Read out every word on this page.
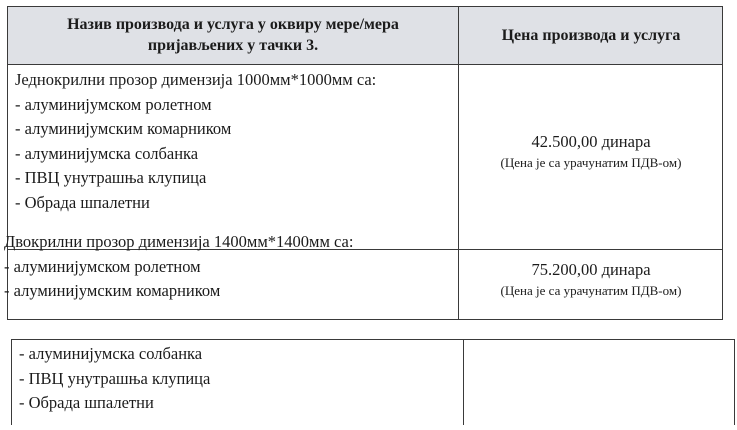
Назив производа и услуга у оквиру мере/мера пријављених у тачки 3.
Цена производа и услуга
Једнокрилни прозор димензија 1000мм*1000мм са:
- алуминијумском ролетном
- алуминијумским комарником
- алуминијумска солбанка
- ПВЦ унутрашња клупица
- Обрада шпалетни
42.500,00 динара
(Цена је са урачунатим ПДВ-ом)
Двокрилни прозор димензија 1400мм*1400мм са:
- алуминијумском ролетном
- алуминијумским комарником
75.200,00 динара
(Цена је са урачунатим ПДВ-ом)
- алуминијумска солбанка
- ПВЦ унутрашња клупица
- Обрада шпалетни
